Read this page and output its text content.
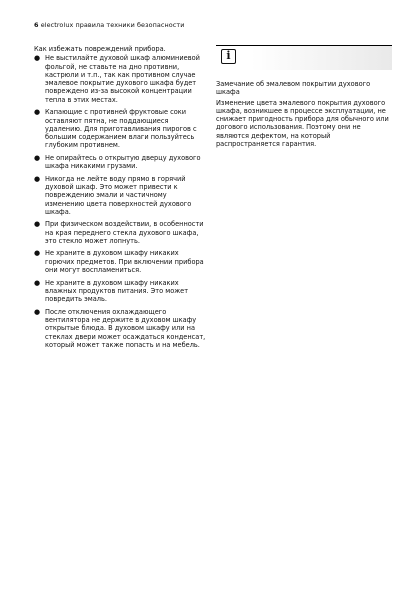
6 electrolux правила техники безопасности
Как избежать повреждений прибора.
● Не выстилайте духовой шкаф алюминиевой фольгой, не ставьте на дно противни, кастрюли и т.п., так как противном случае эмалевое покрытие духового шкафа будет повреждено из-за высокой концентрации тепла в этих местах.
● Капающие с противней фруктовые соки оставляют пятна, не поддающиеся удалению. Для приготавливания пирогов с большим содержанием влаги пользуйтесь глубоким противнем.
● Не опирайтесь о открытую дверцу духового шкафа никакими грузами.
● Никогда не лейте воду прямо в горячий духовой шкаф. Это может привести к повреждению эмали и частичному изменению цвета поверхностей духового шкафа.
● При физическом воздействии, в особенности на края переднего стекла духового шкафа, это стекло может лопнуть.
● Не храните в духовом шкафу никаких горючих предметов. При включении прибора они могут воспламениться.
● Не храните в духовом шкафу никаких влажных продуктов питания. Это может повредить эмаль.
● После отключения охлаждающего вентилятора не держите в духовом шкафу открытые блюда. В духовом шкафу или на стеклах двери может осаждаться конденсат, который может также попасть и на мебель.
i
Замечание об эмалевом покрытии духового шкафа
Изменение цвета эмалевого покрытия духового шкафа, возникшее в процессе эксплуатации, не снижает пригодность прибора для обычного или догового использования. Поэтому они не являются дефектом, на который распространяется гарантия.
